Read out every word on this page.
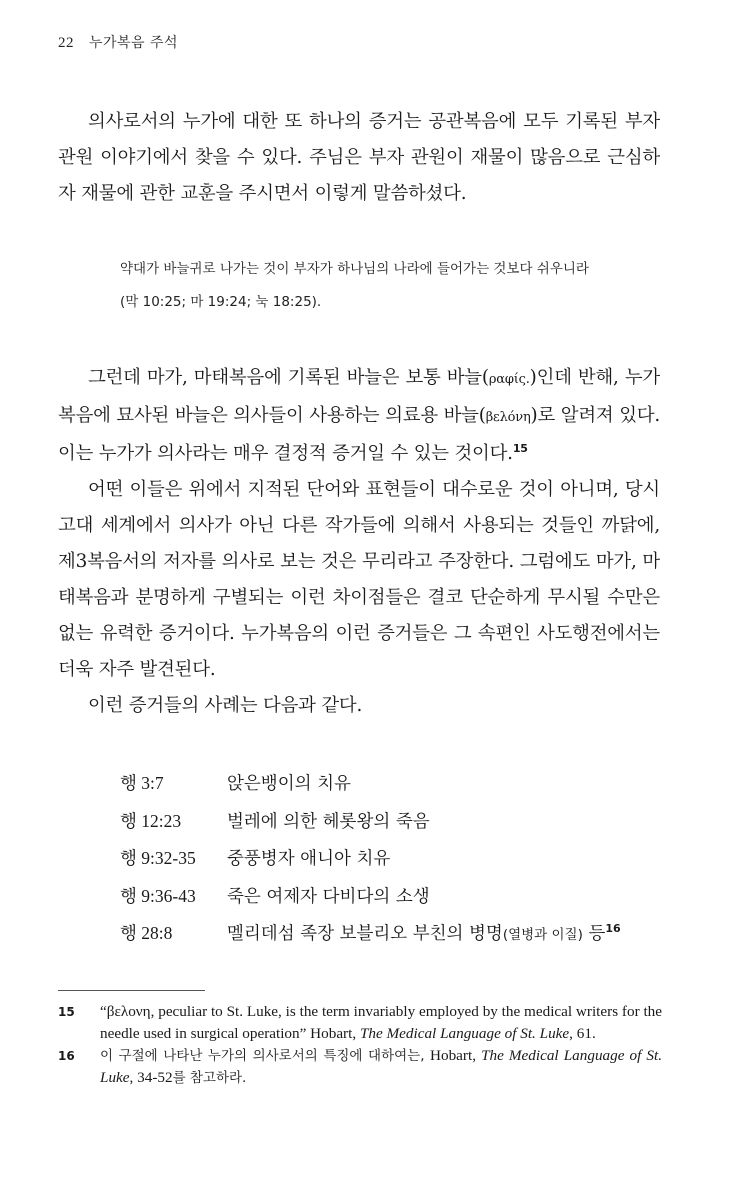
22 누가복음 주석

의사로서의 누가에 대한 또 하나의 증거는 공관복음에 모두 기록된 부자 관원 이야기에서 찾을 수 있다. 주님은 부자 관원이 재물이 많음으로 근심하자 재물에 관한 교훈을 주시면서 이렇게 말씀하셨다.

약대가 바늘귀로 나가는 것이 부자가 하나님의 나라에 들어가는 것보다 쉬우니라

(막 10:25; 마 19:24; 눅 18:25).

그런데 마가, 마태복음에 기록된 바늘은 보통 바늘(ραφίς.)인데 반해, 누가복음에 묘사된 바늘은 의사들이 사용하는 의료용 바늘(βελόνη)로 알려져 있다. 이는 누가가 의사라는 매우 결정적 증거일 수 있는 것이다.$^{15}$

어떤 이들은 위에서 지적된 단어와 표현들이 대수로운 것이 아니며, 당시 고대 세계에서 의사가 아닌 다른 작가들에 의해서 사용되는 것들인 까닭에, 제3복음서의 저자를 의사로 보는 것은 무리라고 주장한다. 그럼에도 마가, 마태복음과 분명하게 구별되는 이런 차이점들은 결코 단순하게 무시될 수만은 없는 유력한 증거이다. 누가복음의 이런 증거들은 그 속편인 사도행전에서는 더욱 자주 발견된다.

이런 증거들의 사례는 다음과 같다.

행 3:7	앉은뱅이의 치유
행 12:23	벌레에 의한 헤롯왕의 죽음
행 9:32-35	중풍병자 애니아 치유
행 9:36-43	죽은 여제자 다비다의 소생
행 28:8	멜리데섬 족장 보블리오 부친의 병명(열병과 이질) 등$^{16}$
15	“βελονη, peculiar to St. Luke, is the term invariably employed by the medical writers for the needle used in surgical operation” Hobart, The Medical Language of St. Luke, 61.
16	이 구절에 나타난 누가의 의사로서의 특징에 대하여는, Hobart, The Medical Language of St. Luke, 34-52를 참고하라.
